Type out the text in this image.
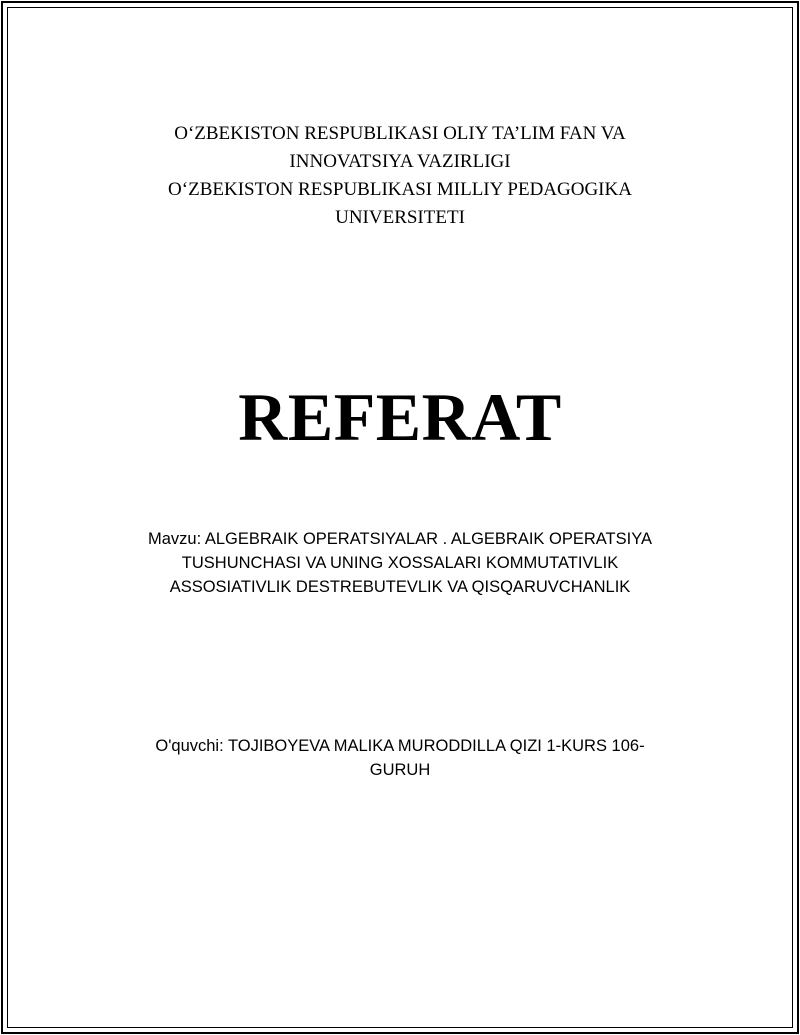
O‘ZBEKISTON RESPUBLIKASI OLIY TA’LIM FAN VA
INNOVATSIYA VAZIRLIGI
O‘ZBEKISTON RESPUBLIKASI MILLIY PEDAGOGIKA
UNIVERSITETI
REFERAT
Mavzu: ALGEBRAIK OPERATSIYALAR . ALGEBRAIK OPERATSIYA
TUSHUNCHASI VA UNING XOSSALARI KOMMUTATIVLIK
ASSOSIATIVLIK DESTREBUTEVLIK VA QISQARUVCHANLIK
O'quvchi: TOJIBOYEVA MALIKA MURODDILLA QIZI 1-KURS 106-
GURUH
